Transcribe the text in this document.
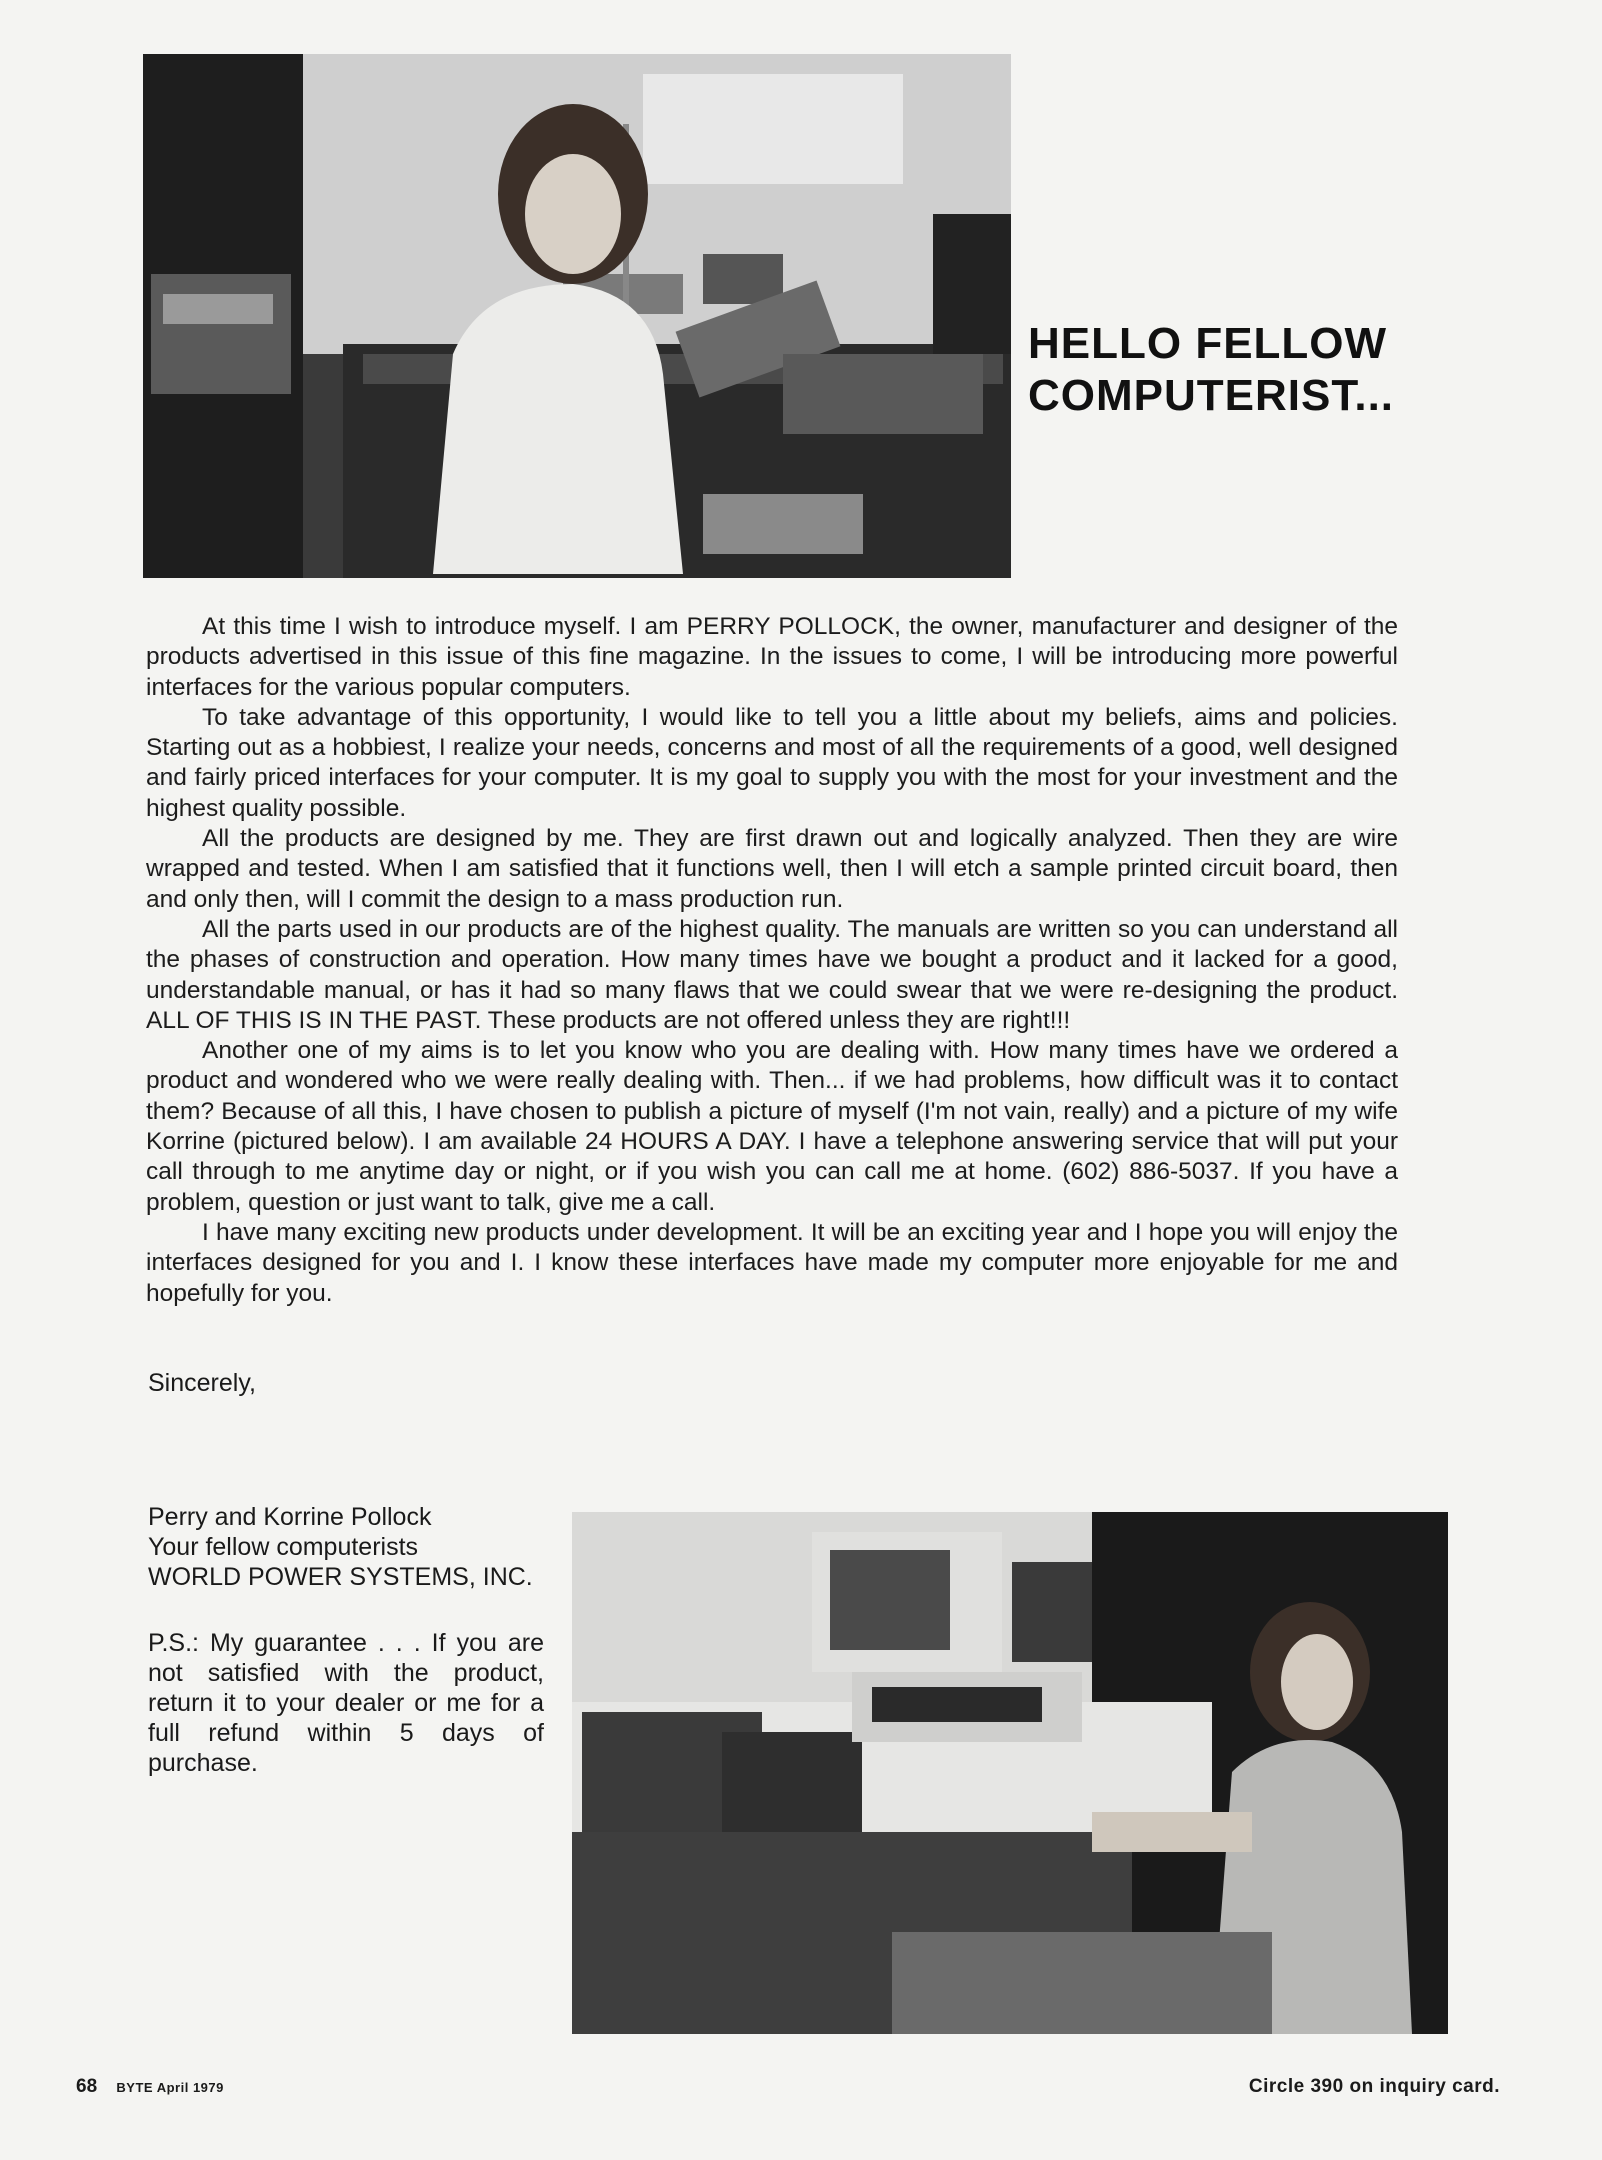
HELLO FELLOW
COMPUTERIST...

At this time I wish to introduce myself. I am PERRY POLLOCK, the owner, manufacturer and designer of the products advertised in this issue of this fine magazine. In the issues to come, I will be introducing more powerful interfaces for the various popular computers.

To take advantage of this opportunity, I would like to tell you a little about my beliefs, aims and policies. Starting out as a hobbiest, I realize your needs, concerns and most of all the requirements of a good, well designed and fairly priced interfaces for your computer. It is my goal to supply you with the most for your investment and the highest quality possible.

All the products are designed by me. They are first drawn out and logically analyzed. Then they are wire wrapped and tested. When I am satisfied that it functions well, then I will etch a sample printed circuit board, then and only then, will I commit the design to a mass production run.

All the parts used in our products are of the highest quality. The manuals are written so you can understand all the phases of construction and operation. How many times have we bought a product and it lacked for a good, understandable manual, or has it had so many flaws that we could swear that we were re-designing the product. ALL OF THIS IS IN THE PAST. These products are not offered unless they are right!!!

Another one of my aims is to let you know who you are dealing with. How many times have we ordered a product and wondered who we were really dealing with. Then... if we had problems, how difficult was it to contact them? Because of all this, I have chosen to publish a picture of myself (I'm not vain, really) and a picture of my wife Korrine (pictured below). I am available 24 HOURS A DAY. I have a telephone answering service that will put your call through to me anytime day or night, or if you wish you can call me at home. (602) 886-5037. If you have a problem, question or just want to talk, give me a call.

I have many exciting new products under development. It will be an exciting year and I hope you will enjoy the interfaces designed for you and I. I know these interfaces have made my computer more enjoyable for me and hopefully for you.

Sincerely,
Perry and Korrine Pollock
Your fellow computerists
WORLD POWER SYSTEMS, INC.
P.S.: My guarantee . . . If you are not satisfied with the product, return it to your dealer or me for a full refund within 5 days of purchase.
68 BYTE April 1979	Circle 390 on inquiry card.
